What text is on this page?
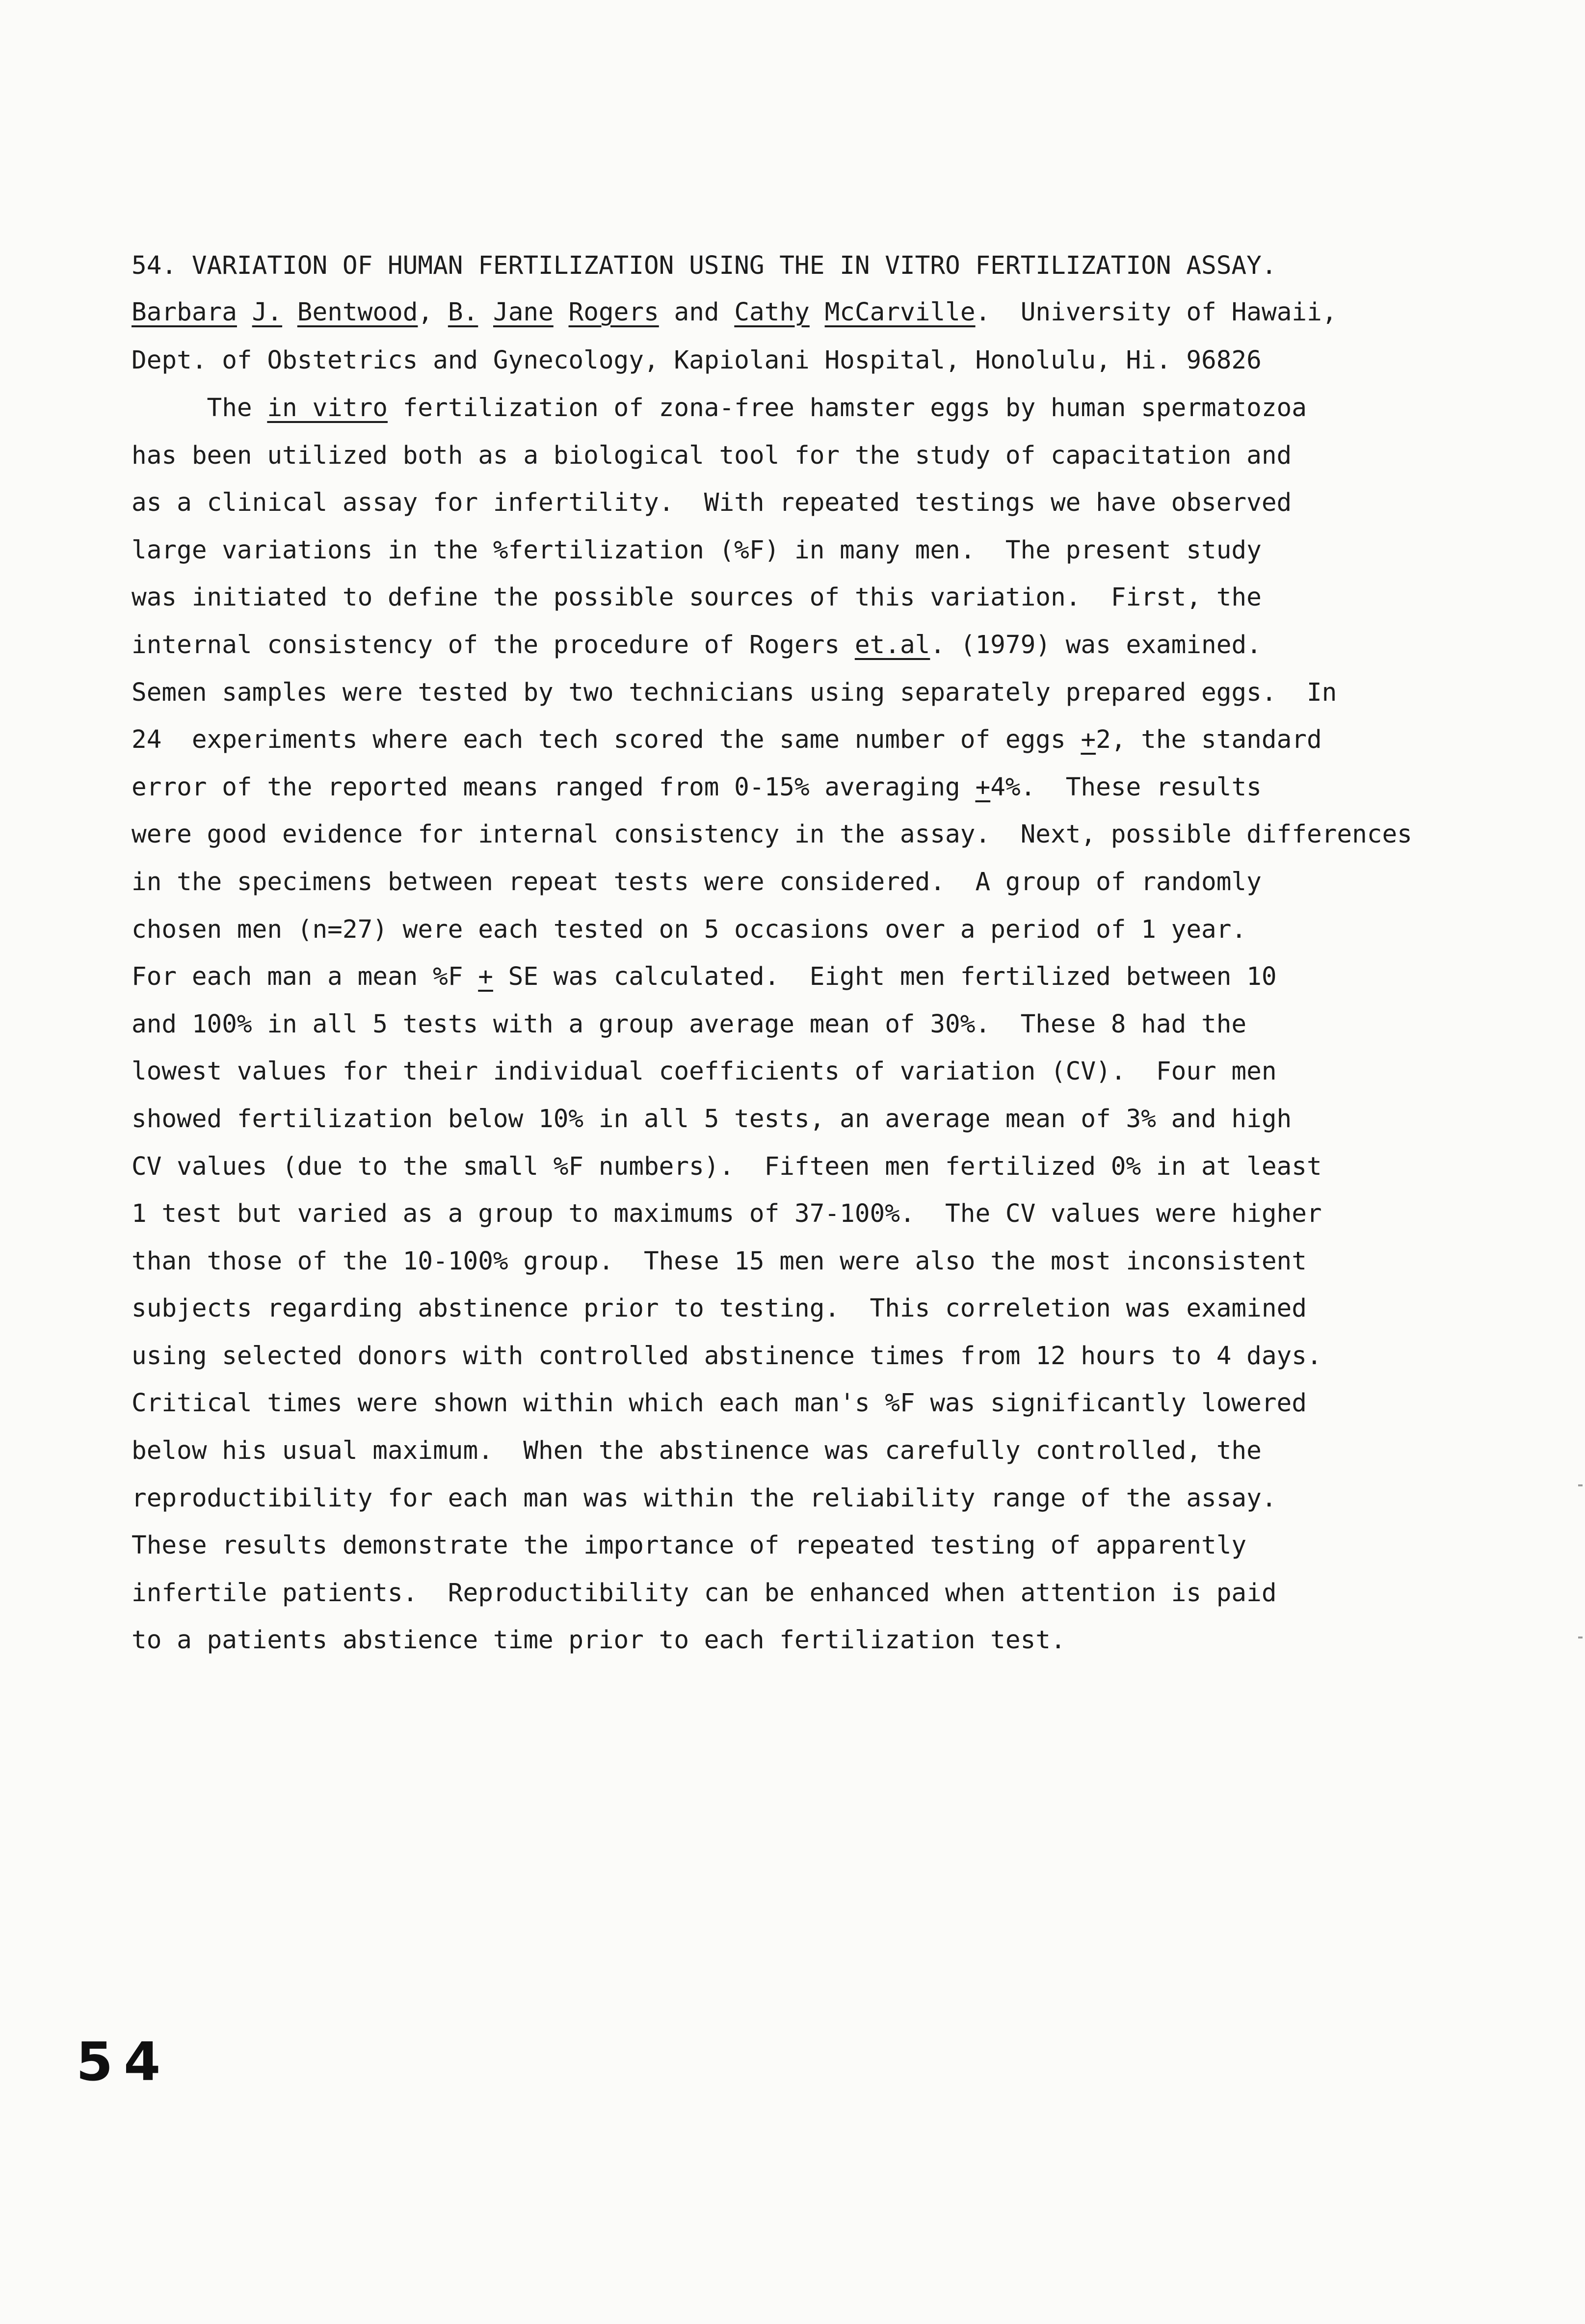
54. VARIATION OF HUMAN FERTILIZATION USING THE IN VITRO FERTILIZATION ASSAY.
Barbara J. Bentwood, B. Jane Rogers and Cathy McCarville.  University of Hawaii,
Dept. of Obstetrics and Gynecology, Kapiolani Hospital, Honolulu, Hi. 96826
The in vitro fertilization of zona-free hamster eggs by human spermatozoa
has been utilized both as a biological tool for the study of capacitation and
as a clinical assay for infertility.  With repeated testings we have observed
large variations in the %fertilization (%F) in many men.  The present study
was initiated to define the possible sources of this variation.  First, the
internal consistency of the procedure of Rogers et.al. (1979) was examined.
Semen samples were tested by two technicians using separately prepared eggs.  In
24  experiments where each tech scored the same number of eggs +2, the standard
error of the reported means ranged from 0-15% averaging +4%.  These results
were good evidence for internal consistency in the assay.  Next, possible differences
in the specimens between repeat tests were considered.  A group of randomly
chosen men (n=27) were each tested on 5 occasions over a period of 1 year.
For each man a mean %F + SE was calculated.  Eight men fertilized between 10
and 100% in all 5 tests with a group average mean of 30%.  These 8 had the
lowest values for their individual coefficients of variation (CV).  Four men
showed fertilization below 10% in all 5 tests, an average mean of 3% and high
CV values (due to the small %F numbers).  Fifteen men fertilized 0% in at least
1 test but varied as a group to maximums of 37-100%.  The CV values were higher
than those of the 10-100% group.  These 15 men were also the most inconsistent
subjects regarding abstinence prior to testing.  This correletion was examined
using selected donors with controlled abstinence times from 12 hours to 4 days.
Critical times were shown within which each man's %F was significantly lowered
below his usual maximum.  When the abstinence was carefully controlled, the
reproductibility for each man was within the reliability range of the assay.
These results demonstrate the importance of repeated testing of apparently
infertile patients.  Reproductibility can be enhanced when attention is paid
to a patients abstience time prior to each fertilization test.
54
